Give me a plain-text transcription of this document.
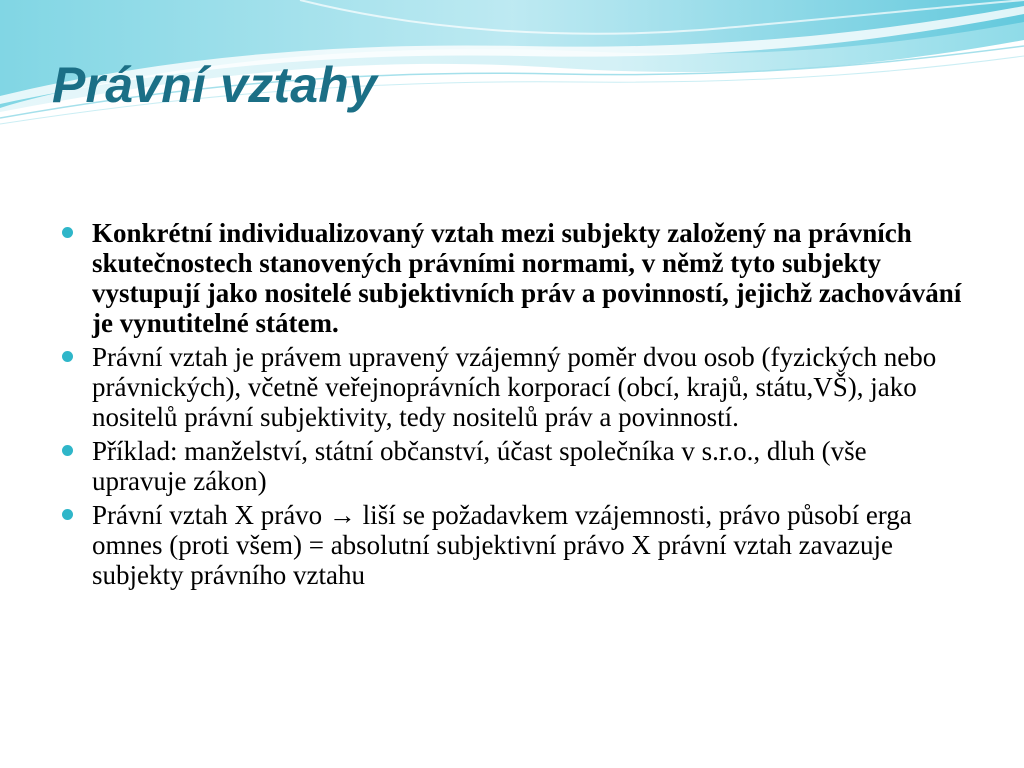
Právní vztahy
Konkrétní individualizovaný vztah mezi subjekty založený na právních skutečnostech stanovených právními normami, v němž tyto subjekty vystupují jako nositelé subjektivních práv a povinností, jejichž zachovávání je vynutitelné státem.
Právní vztah je právem upravený vzájemný poměr dvou osob (fyzických nebo právnických), včetně veřejnoprávních korporací (obcí, krajů, státu,VŠ), jako nositelů právní subjektivity, tedy nositelů práv a povinností.
Příklad: manželství, státní občanství, účast společníka v s.r.o., dluh (vše upravuje zákon)
Právní vztah X právo → liší se požadavkem vzájemnosti, právo působí erga omnes (proti všem) = absolutní subjektivní právo X právní vztah zavazuje subjekty právního vztahu
